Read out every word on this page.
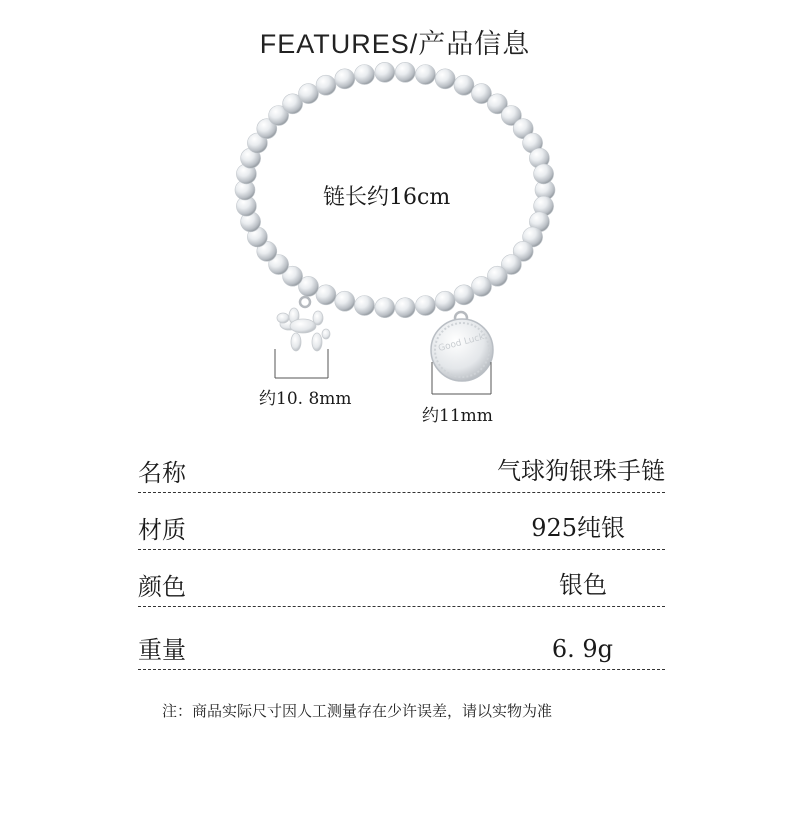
FEATURES/产品信息
Good Luck
链长约16cm
约10. 8mm
约11mm
名称	气球狗银珠手链
材质	925纯银
颜色	银色
重量	6. 9g
注：商品实际尺寸因人工测量存在少许误差，请以实物为准
